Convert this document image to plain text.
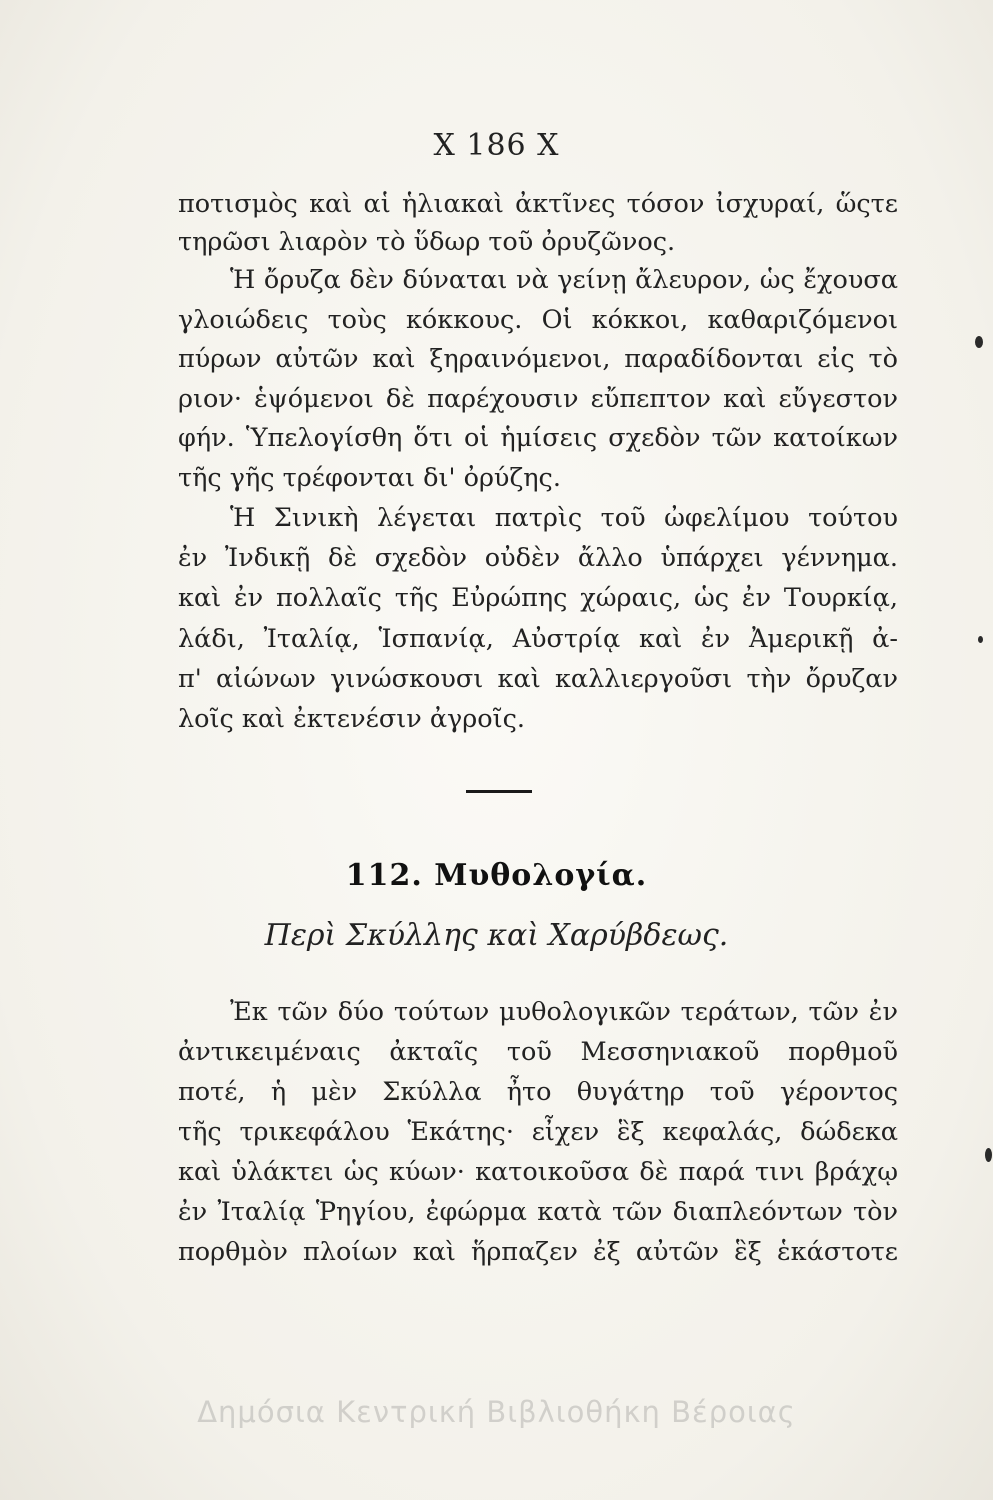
Χ 186 Χ
ποτισμὸς καὶ αἱ ἡλιακαὶ ἀκτῖνες τόσον ἰσχυραί, ὥςτε
τηρῶσι λιαρὸν τὸ ὕδωρ τοῦ ὀρυζῶνος.
Ἡ ὄρυζα δὲν δύναται νὰ γείνῃ ἄλευρον, ὡς ἔχουσα
γλοιώδεις τοὺς κόκκους. Οἱ κόκκοι, καθαριζόμενοι
πύρων αὐτῶν καὶ ξηραινόμενοι, παραδίδονται εἰς τὸ
ριον· ἑψόμενοι δὲ παρέχουσιν εὔπεπτον καὶ εὔγεστον
φήν. Ὑπελογίσθη ὅτι οἱ ἡμίσεις σχεδὸν τῶν κατοίκων
τῆς γῆς τρέφονται δι' ὀρύζης.
Ἡ Σινικὴ λέγεται πατρὶς τοῦ ὠφελίμου τούτου
ἐν Ἰνδικῇ δὲ σχεδὸν οὐδὲν ἄλλο ὑπάρχει γέννημα.
καὶ ἐν πολλαῖς τῆς Εὐρώπης χώραις, ὡς ἐν Τουρκίᾳ,
λάδι, Ἰταλίᾳ, Ἱσπανίᾳ, Αὐστρίᾳ καὶ ἐν Ἀμερικῇ ἀ-
π' αἰώνων γινώσκουσι καὶ καλλιεργοῦσι τὴν ὄρυζαν
λοῖς καὶ ἐκτενέσιν ἀγροῖς.
112. Μυθολογία.
Περὶ Σκύλλης καὶ Χαρύβδεως.
Ἐκ τῶν δύο τούτων μυθολογικῶν τεράτων, τῶν ἐν
ἀντικειμέναις ἀκταῖς τοῦ Μεσσηνιακοῦ πορθμοῦ
ποτέ, ἡ μὲν Σκύλλα ἦτο θυγάτηρ τοῦ γέροντος
τῆς τρικεφάλου Ἑκάτης· εἶχεν ἓξ κεφαλάς, δώδεκα
καὶ ὑλάκτει ὡς κύων· κατοικοῦσα δὲ παρά τινι βράχῳ
ἐν Ἰταλίᾳ Ῥηγίου, ἐφώρμα κατὰ τῶν διαπλεόντων τὸν
πορθμὸν πλοίων καὶ ἥρπαζεν ἐξ αὐτῶν ἓξ ἑκάστοτε
Δημόσια Κεντρική Βιβλιοθήκη Βέροιας
